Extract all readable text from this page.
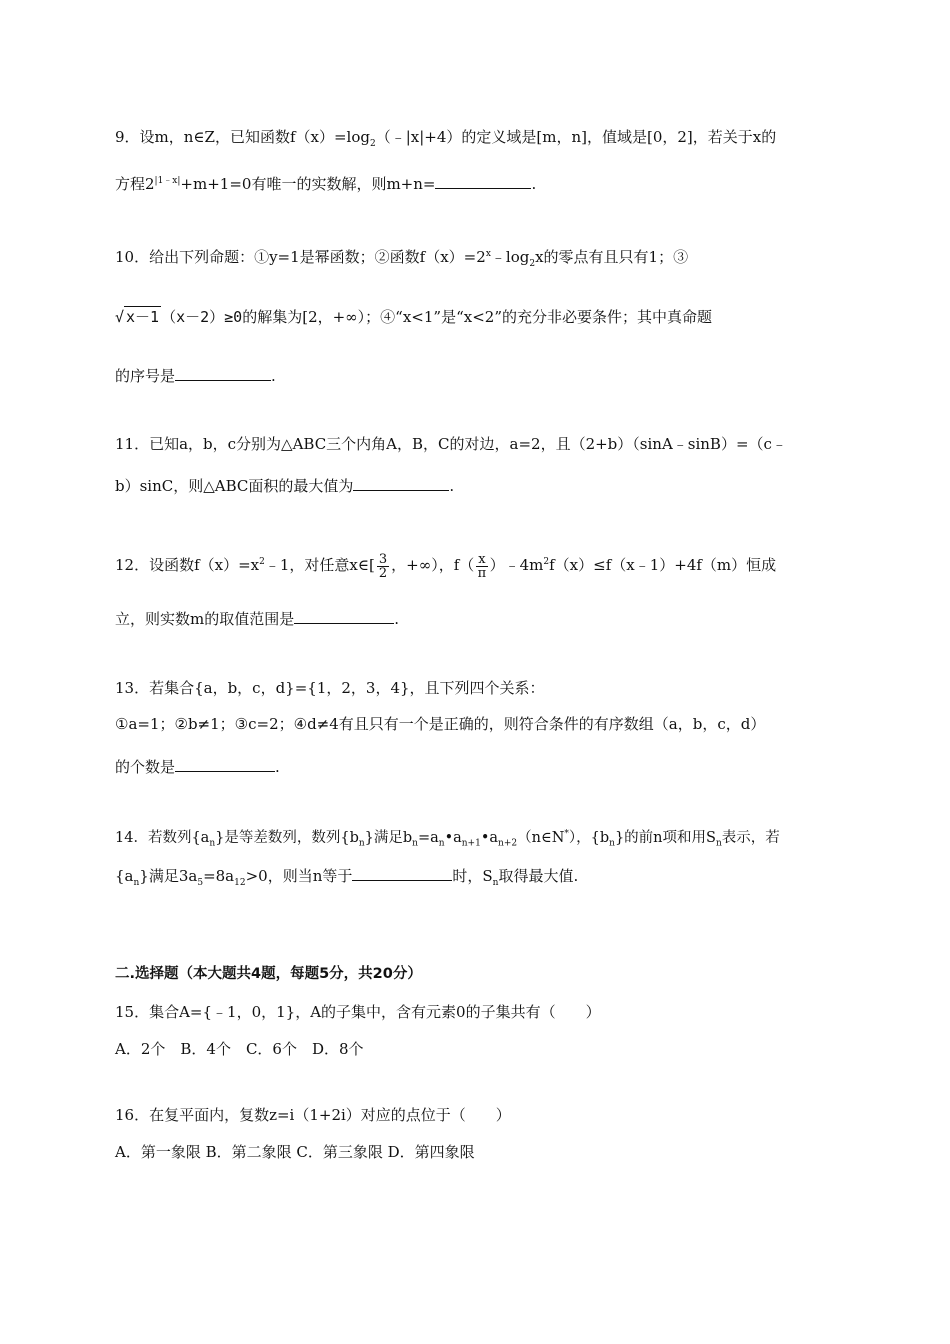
9．设m，n∈Z，已知函数$f(x)=\log_2(﹣|x|+4)$的定义域是[m，n]，值域是[0，2]，若关于x的
方程$2^{|1﹣x|}+m+1=0$有唯一的实数解，则m+n=	.
10．给出下列命题：①y=1是幂函数；②函数$f(x)=2^x﹣\log_2x$的零点有且只有1；③
√ x－1 （x－2）≥0 的解集为[2，+∞）；④“x<1”是“x<2”的充分非必要条件；其中真命题
的序号是	.
11．已知a，b，c分别为△ABC三个内角A，B，C的对边，a=2，且（2+b）（sinA﹣sinB）=（c﹣
b）sinC，则△ABC面积的最大值为	.
12．设函数$f(x)=x^2﹣1$，对任意x∈[ $\frac{3}{2}$ ，+∞），$f( \frac{x}{\pi}$ ）$﹣4m^2f(x)\le f(x﹣1)+4f(m)$恒成
立，则实数m的取值范围是	.
13．若集合{a，b，c，d}={1，2，3，4}，且下列四个关系：
①a=1；②b≠1；③c=2；④d≠4有且只有一个是正确的，则符合条件的有序数组（a，b，c，d）
的个数是	.
14．若数列$\{a_n\}$是等差数列，数列$\{b_n\}$满足$b_n=a_n•a_{n+1}•a_{n+2}(n\in N^*)$，$\{b_n\}$的前n项和用$S_n$表示，若
$\{a_n\}$满足$3a_5=8a_{12}>0$，则当n等于	时，$S_n$取得最大值.
二.选择题（本大题共4题，每题5分，共20分）
15．集合A={﹣1，0，1}，A的子集中，含有元素0的子集共有（　　）
A．2个　B．4个　C．6个　D．8个
16．在复平面内，复数z=i（1+2i）对应的点位于（　　）
A．第一象限 B．第二象限 C．第三象限 D．第四象限
